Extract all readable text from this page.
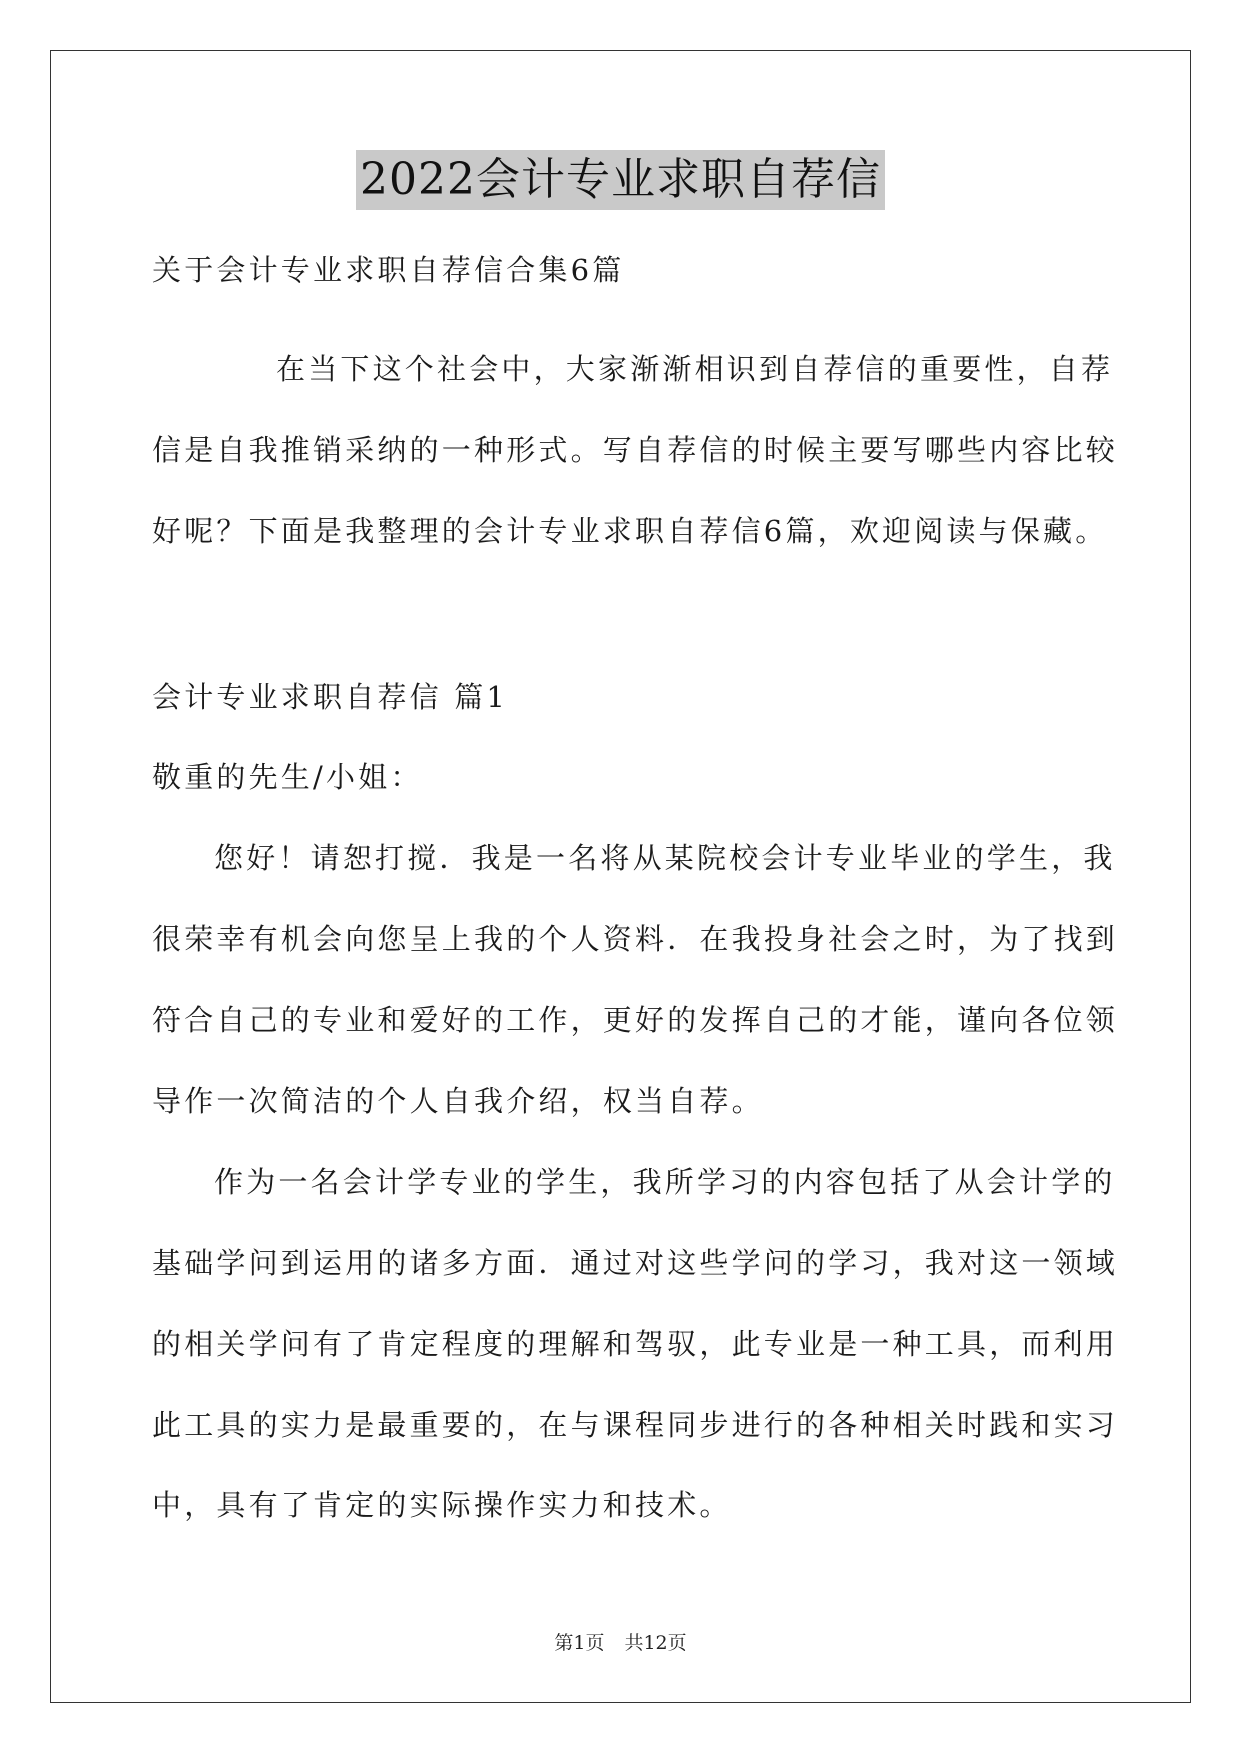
2022会计专业求职自荐信
关于会计专业求职自荐信合集6篇
在当下这个社会中，大家渐渐相识到自荐信的重要性，自荐
信是自我推销采纳的一种形式。写自荐信的时候主要写哪些内容比较
好呢？下面是我整理的会计专业求职自荐信6篇，欢迎阅读与保藏。
会计专业求职自荐信 篇1
敬重的先生/小姐：
您好！请恕打搅．我是一名将从某院校会计专业毕业的学生，我
很荣幸有机会向您呈上我的个人资料．在我投身社会之时，为了找到
符合自己的专业和爱好的工作，更好的发挥自己的才能，谨向各位领
导作一次简洁的个人自我介绍，权当自荐。
作为一名会计学专业的学生，我所学习的内容包括了从会计学的
基础学问到运用的诸多方面．通过对这些学问的学习，我对这一领域
的相关学问有了肯定程度的理解和驾驭，此专业是一种工具，而利用
此工具的实力是最重要的，在与课程同步进行的各种相关时践和实习
中，具有了肯定的实际操作实力和技术。
第1页 共12页
